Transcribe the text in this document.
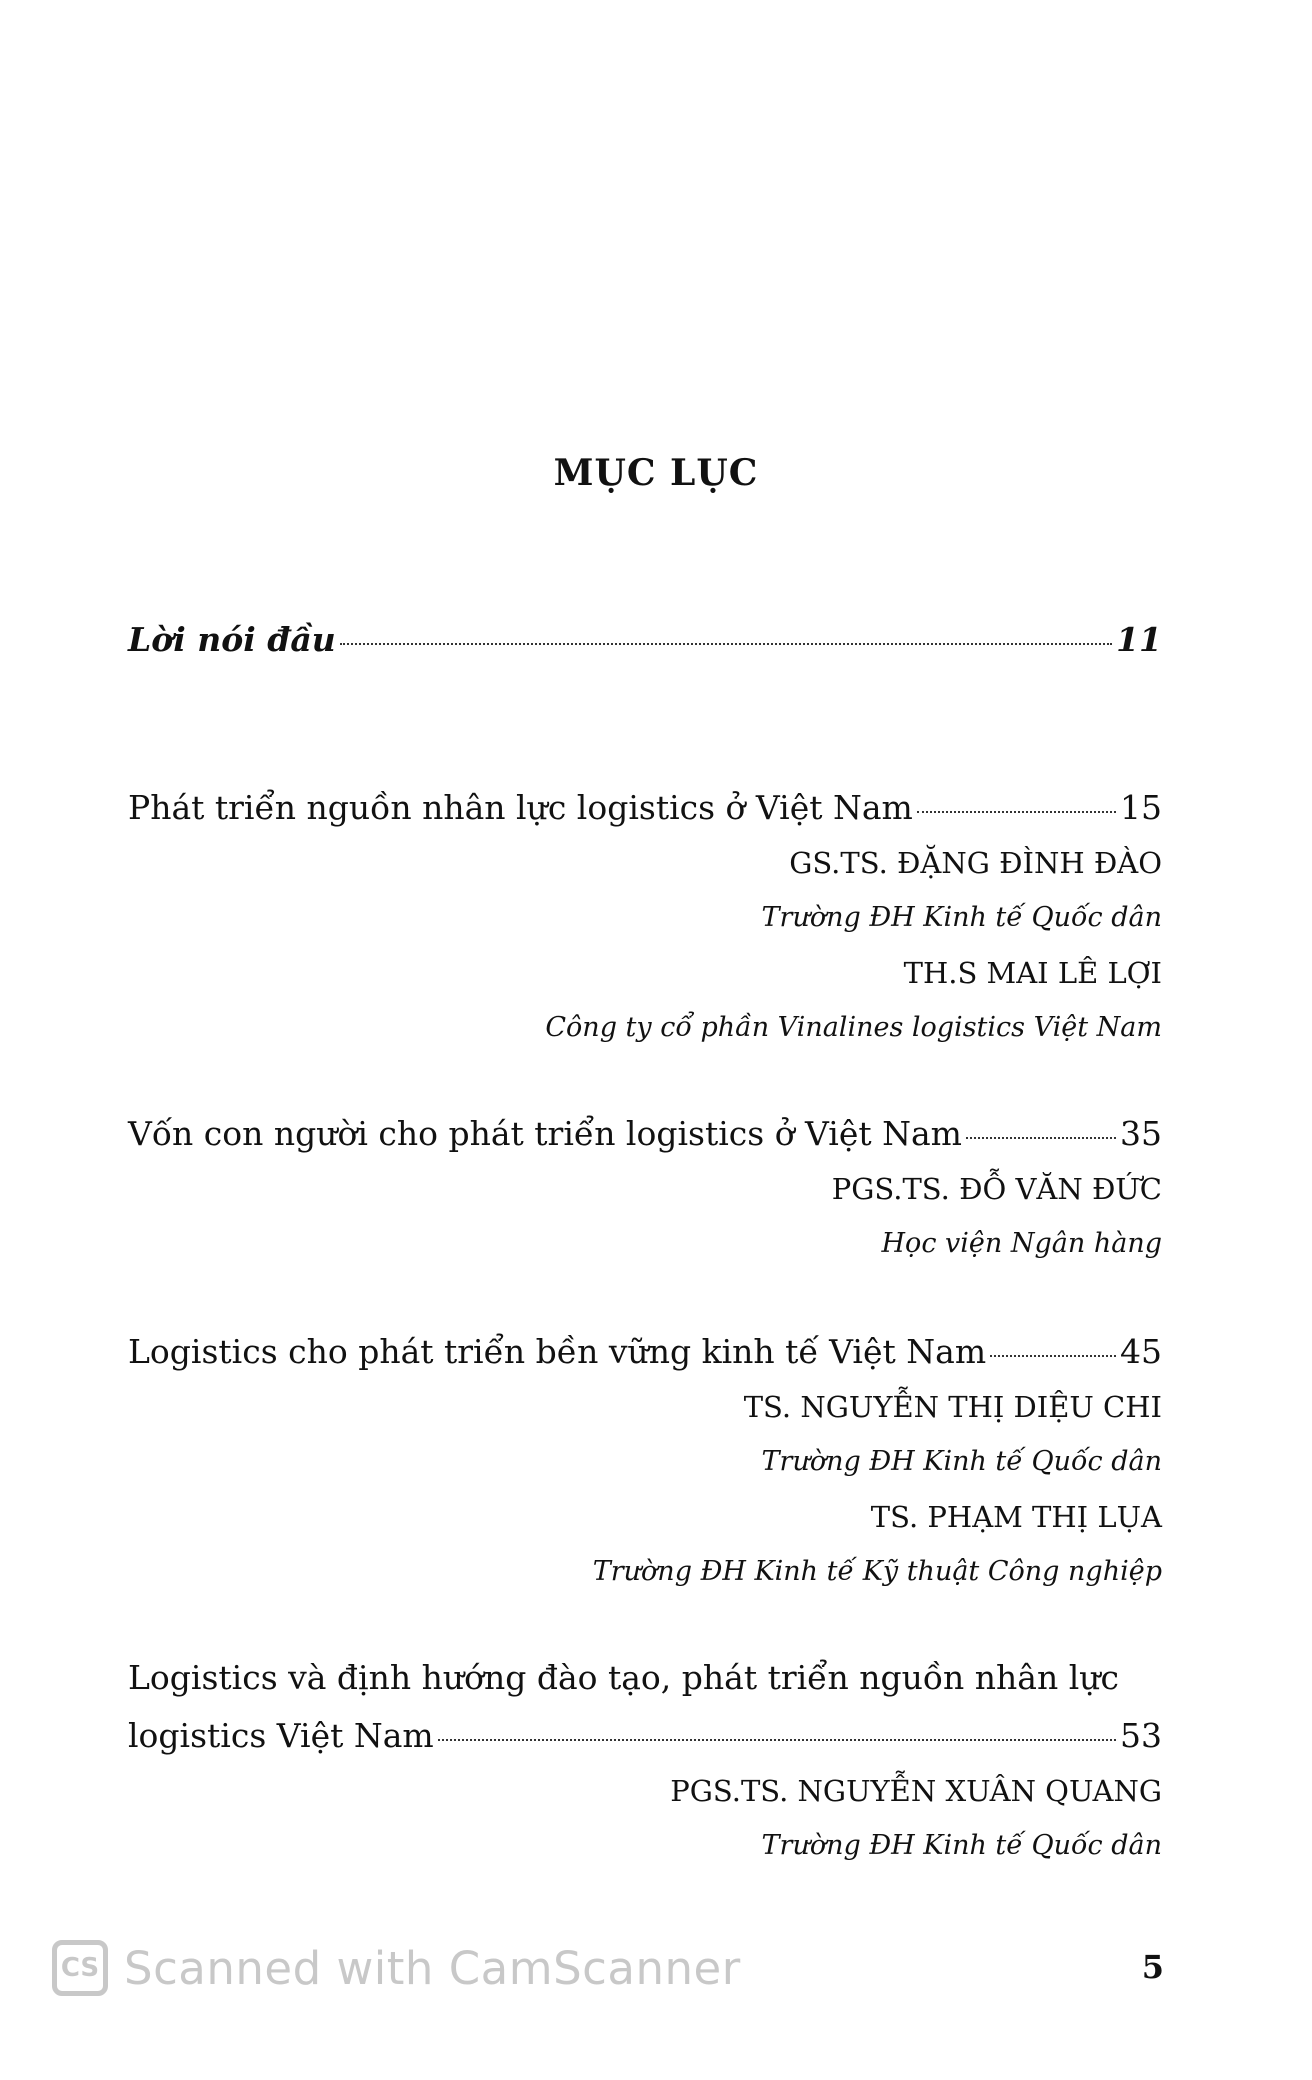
MỤC LỤC
Lời nói đầu	11
Phát triển nguồn nhân lực logistics ở Việt Nam	15
GS.TS. ĐẶNG ĐÌNH ĐÀO
Trường ĐH Kinh tế Quốc dân
TH.S MAI LÊ LỢI
Công ty cổ phần Vinalines logistics Việt Nam
Vốn con người cho phát triển logistics ở Việt Nam	35
PGS.TS. ĐỖ VĂN ĐỨC
Học viện Ngân hàng
Logistics cho phát triển bền vững kinh tế Việt Nam	45
TS. NGUYỄN THỊ DIỆU CHI
Trường ĐH Kinh tế Quốc dân
TS. PHẠM THỊ LỤA
Trường ĐH Kinh tế Kỹ thuật Công nghiệp
Logistics và định hướng đào tạo, phát triển nguồn nhân lực
logistics Việt Nam	53
PGS.TS. NGUYỄN XUÂN QUANG
Trường ĐH Kinh tế Quốc dân
5
CS Scanned with CamScanner
